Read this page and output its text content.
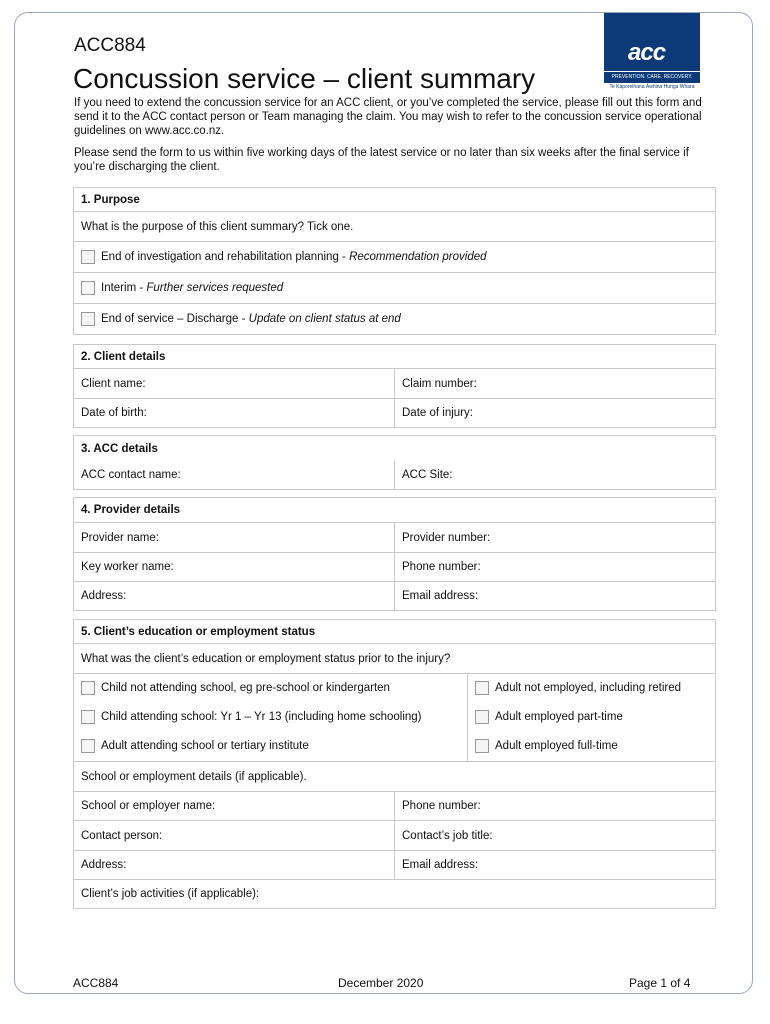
ACC884
Concussion service – client summary
acc
PREVENTION. CARE. RECOVERY.
Te Kaporeihana Āwhina Hunga Whara
If you need to extend the concussion service for an ACC client, or you’ve completed the service, please fill out this form and send it to the ACC contact person or Team managing the claim. You may wish to refer to the concussion service operational guidelines on www.acc.co.nz.
Please send the form to us within five working days of the latest service or no later than six weeks after the final service if you’re discharging the client.
1. Purpose
What is the purpose of this client summary? Tick one.
End of investigation and rehabilitation planning -
Recommendation provided
Interim -
Further services requested
End of service – Discharge -
Update on client status at end
2. Client details
Client name:	Claim number:
Date of birth:	Date of injury:
3. ACC details
ACC contact name:	ACC Site:
4. Provider details
Provider name:	Provider number:
Key worker name:	Phone number:
Address:	Email address:
5. Client’s education or employment status
What was the client’s education or employment status prior to the injury?
Child not attending school, eg pre-school or kindergarten	Adult not employed, including retired
Child attending school: Yr 1 – Yr 13 (including home schooling)	Adult employed part-time
Adult attending school or tertiary institute	Adult employed full-time
School or employment details (if applicable).
School or employer name:	Phone number:
Contact person:	Contact’s job title:
Address:	Email address:
Client’s job activities (if applicable):
ACC884	December 2020	Page 1 of 4
